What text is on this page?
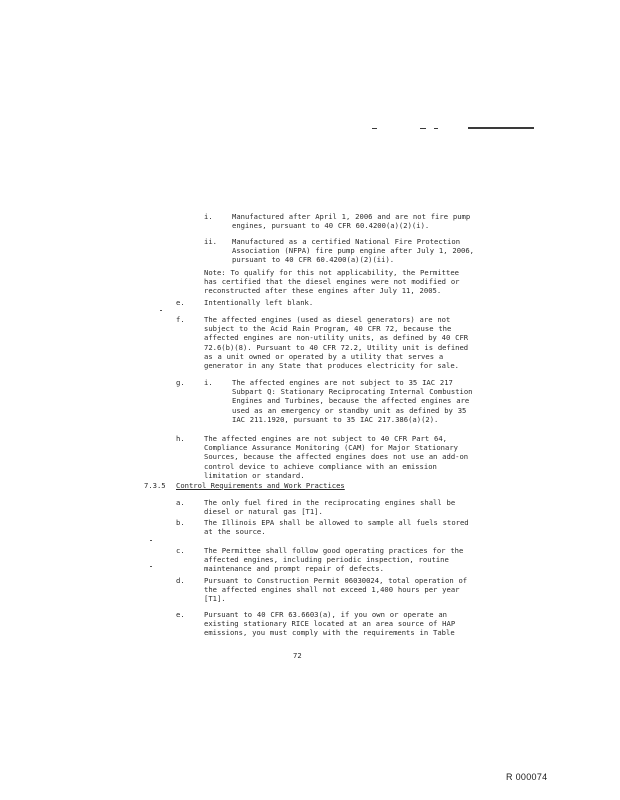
i.	Manufactured after April 1, 2006 and are not fire pump engines, pursuant to 40 CFR 60.4200(a)(2)(i).
ii. Manufactured as a certified National Fire Protection Association (NFPA) fire pump engine after July 1, 2006, pursuant to 40 CFR 60.4200(a)(2)(ii).
Note: To qualify for this not applicability, the Permittee has certified that the diesel engines were not modified or reconstructed after these engines after July 11, 2005.
e.	Intentionally left blank.
f.	The affected engines (used as diesel generators) are not subject to the Acid Rain Program, 40 CFR 72, because the affected engines are non-utility units, as defined by 40 CFR 72.6(b)(8). Pursuant to 40 CFR 72.2, Utility unit is defined as a unit owned or operated by a utility that serves a generator in any State that produces electricity for sale.
g.	i.	The affected engines are not subject to 35 IAC 217 Subpart Q: Stationary Reciprocating Internal Combustion Engines and Turbines, because the affected engines are used as an emergency or standby unit as defined by 35 IAC 211.1920, pursuant to 35 IAC 217.386(a)(2).
h.	The affected engines are not subject to 40 CFR Part 64, Compliance Assurance Monitoring (CAM) for Major Stationary Sources, because the affected engines does not use an add-on control device to achieve compliance with an emission limitation or standard.
7.3.5 Control Requirements and Work Practices
a.	The only fuel fired in the reciprocating engines shall be diesel or natural gas [T1].
b.	The Illinois EPA shall be allowed to sample all fuels stored at the source.
c.	The Permittee shall follow good operating practices for the affected engines, including periodic inspection, routine maintenance and prompt repair of defects.
d.	Pursuant to Construction Permit 06030024, total operation of the affected engines shall not exceed 1,400 hours per year [T1].
e.	Pursuant to 40 CFR 63.6603(a), if you own or operate an existing stationary RICE located at an area source of HAP emissions, you must comply with the requirements in Table
72
R 000074
